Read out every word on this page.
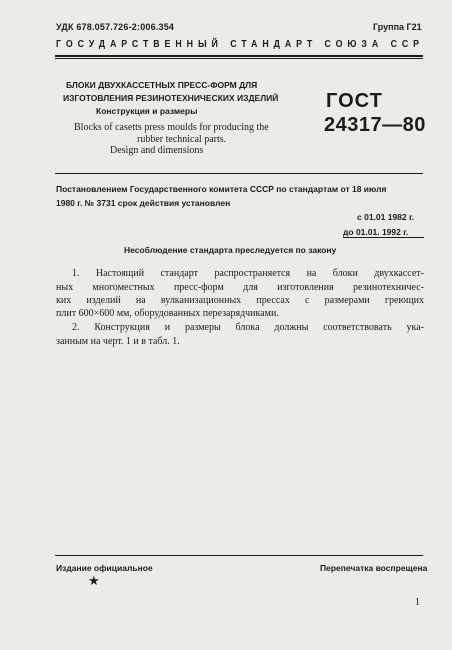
УДК 678.057.726-2:006.354	Группа Г21
ГОСУДАРСТВЕННЫЙ СТАНДАРТ СОЮЗА ССР
БЛОКИ ДВУХКАССЕТНЫХ ПРЕСС-ФОРМ ДЛЯ
ИЗГОТОВЛЕНИЯ РЕЗИНОТЕХНИЧЕСКИХ ИЗДЕЛИЙ
Конструкция и размеры
Blocks of casetts press moulds for producing the
rubber technical parts.
Design and dimensions
ГОСТ
24317—80
Постановлением Государственного комитета СССР по стандартам от 18 июля
1980 г. № 3731 срок действия установлен
с 01.01 1982 г.
до 01.01. 1992 г.
Несоблюдение стандарта преследуется по закону
1. Настоящий стандарт распространяется на блоки двухкассет-
ных многоместных пресс-форм для изготовления резинотехничес-
ких изделий на вулканизационных прессах с размерами греющих
плит 600×600 мм, оборудованных перезарядчиками.
2. Конструкция и размеры блока должны соответствовать ука-
занным на черт. 1 и в табл. 1.
Издание официальное	Перепечатка воспрещена
★
1
